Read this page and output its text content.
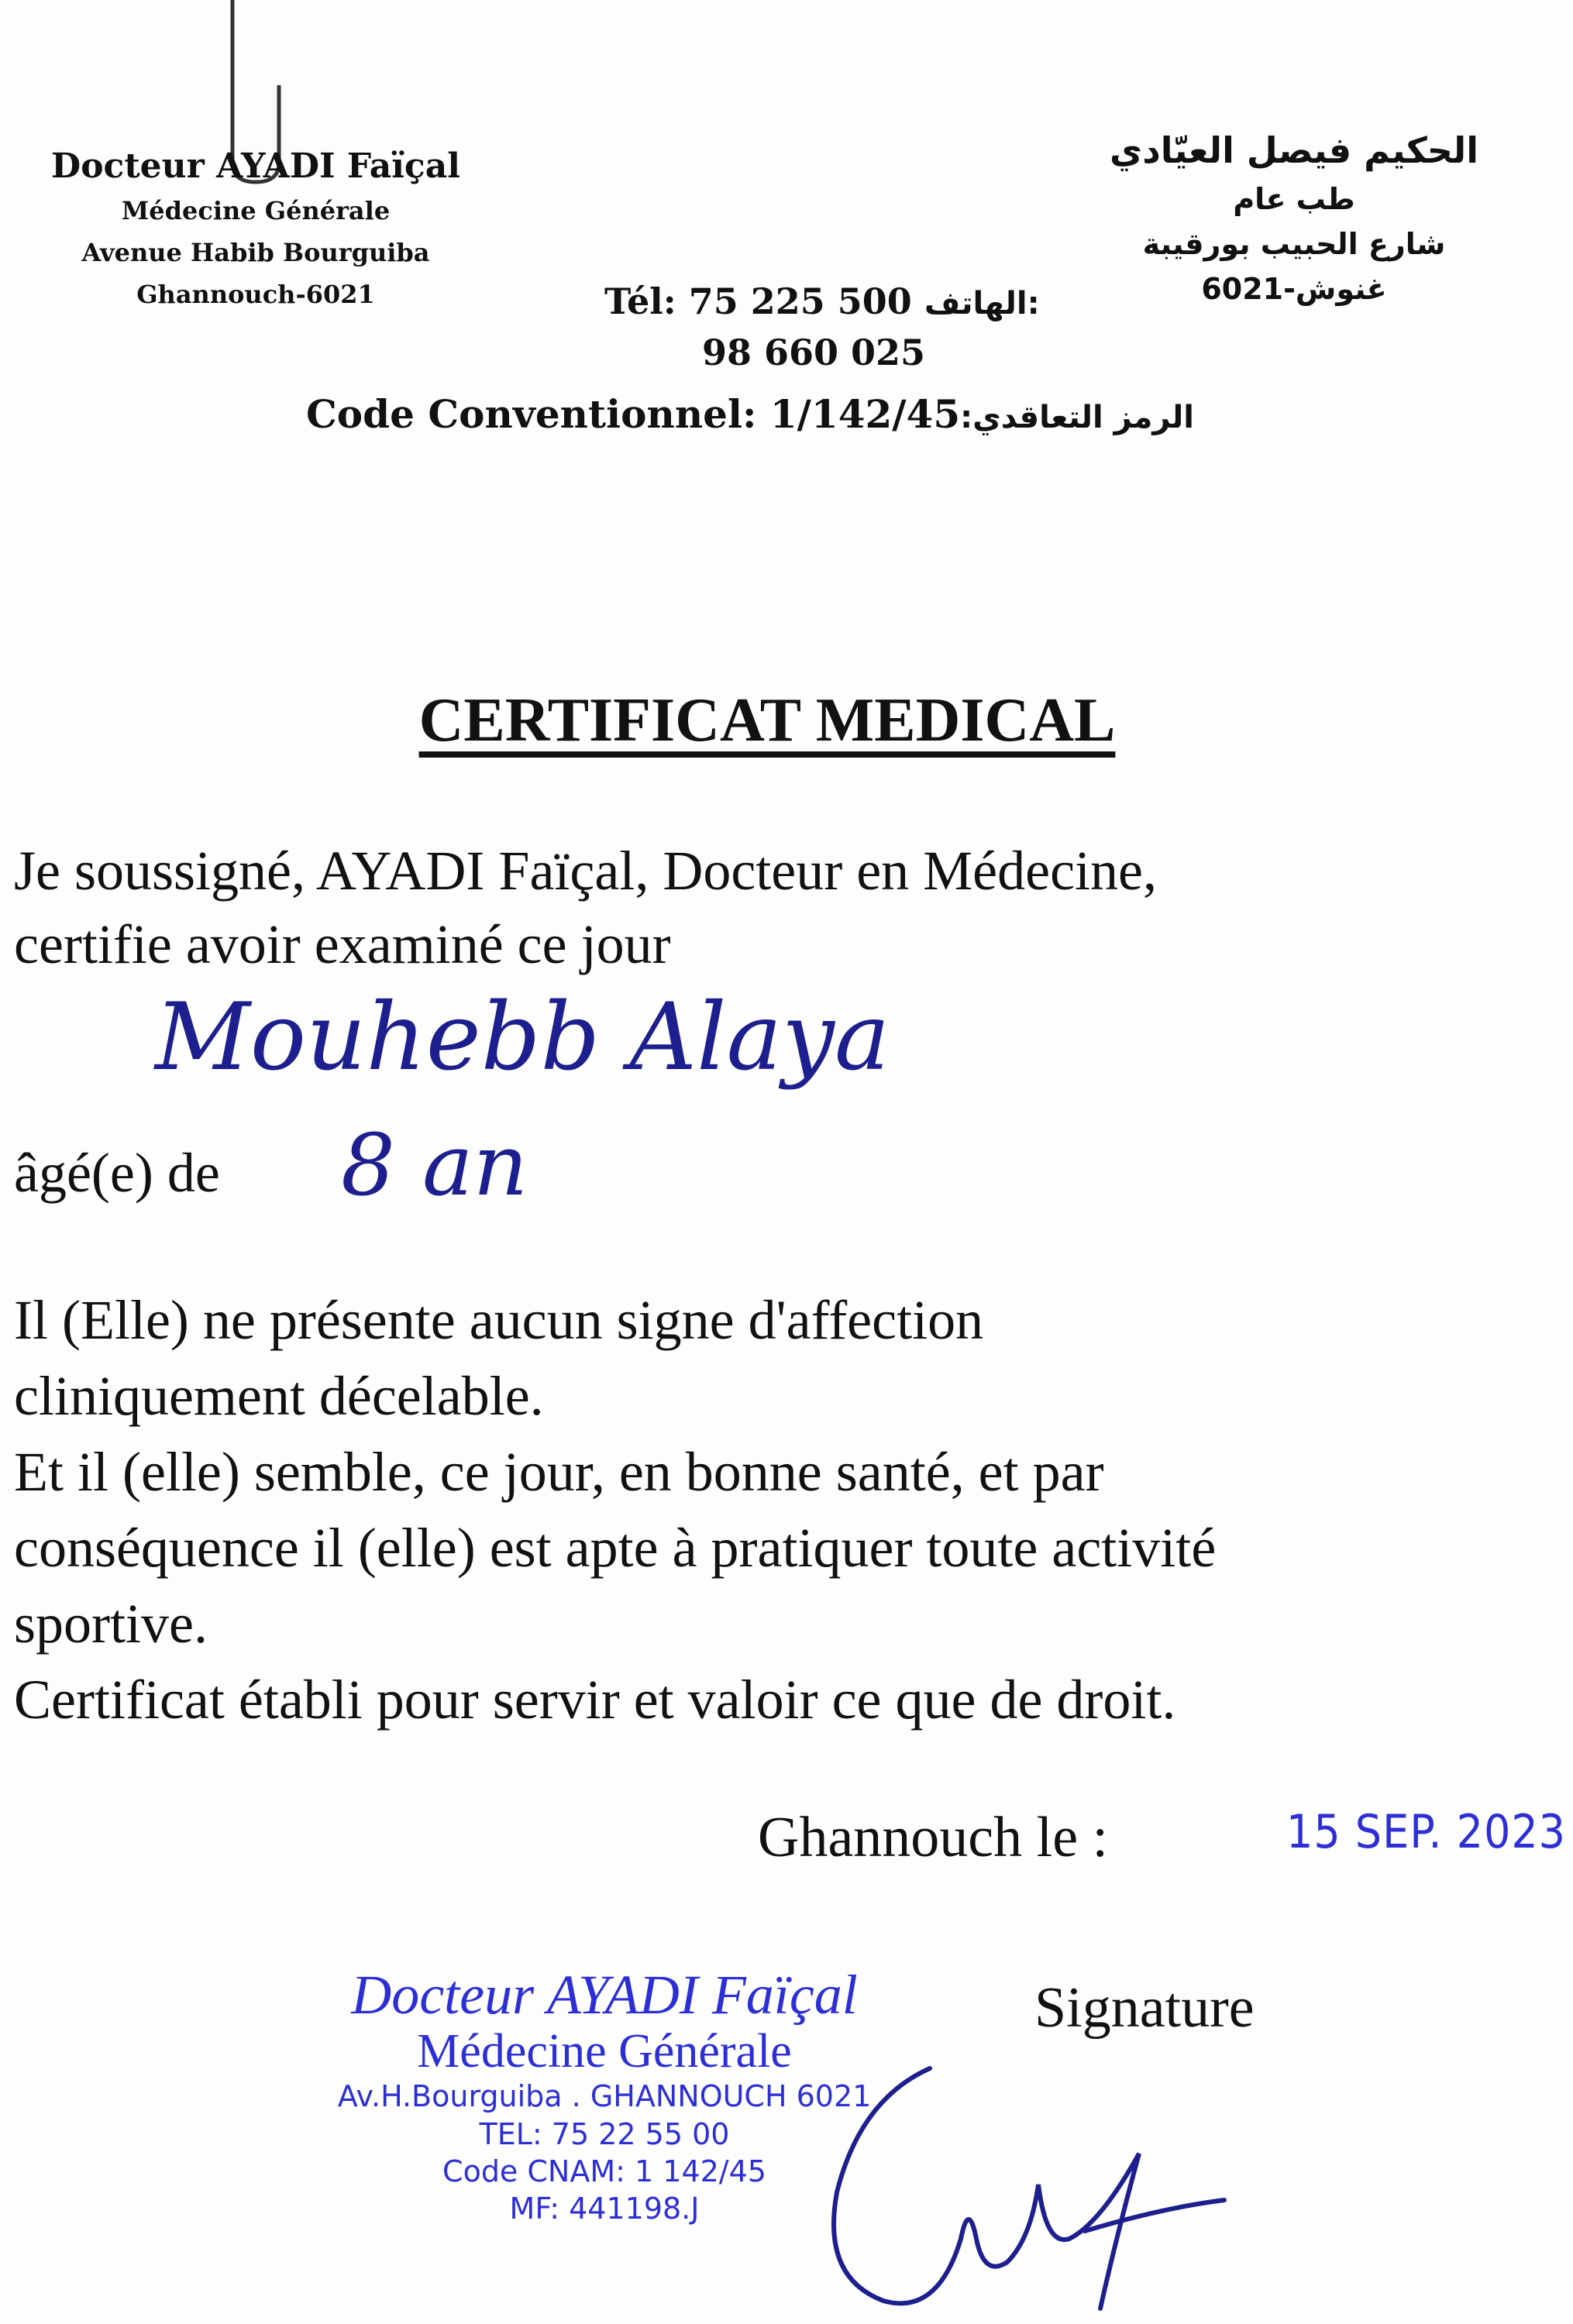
Docteur AYADI Faïçal
Médecine Générale
Avenue Habib Bourguiba
Ghannouch-6021
الحكيم فيصل العيّادي
طب عام
شارع الحبيب بورقيبة
غنوش-6021
Tél: 75 225 500 الهاتف:
98 660 025
Code Conventionnel: 1/142/45:الرمز التعاقدي
CERTIFICAT MEDICAL
Je soussigné, AYADI Faïçal, Docteur en Médecine,
certifie avoir examiné ce jour
Mouhebb Alaya
âgé(e) de 8 an
Il (Elle) ne présente aucun signe d'affection
cliniquement décelable.
Et il (elle) semble, ce jour, en bonne santé, et par
conséquence il (elle) est apte à pratiquer toute activité
sportive.
Certificat établi pour servir et valoir ce que de droit.
Ghannouch le :	15 SEP. 2023
Signature
Docteur AYADI Faïçal
Médecine Générale
Av.H.Bourguiba . GHANNOUCH 6021
TEL: 75 22 55 00
Code CNAM: 1 142/45
MF: 441198.J
